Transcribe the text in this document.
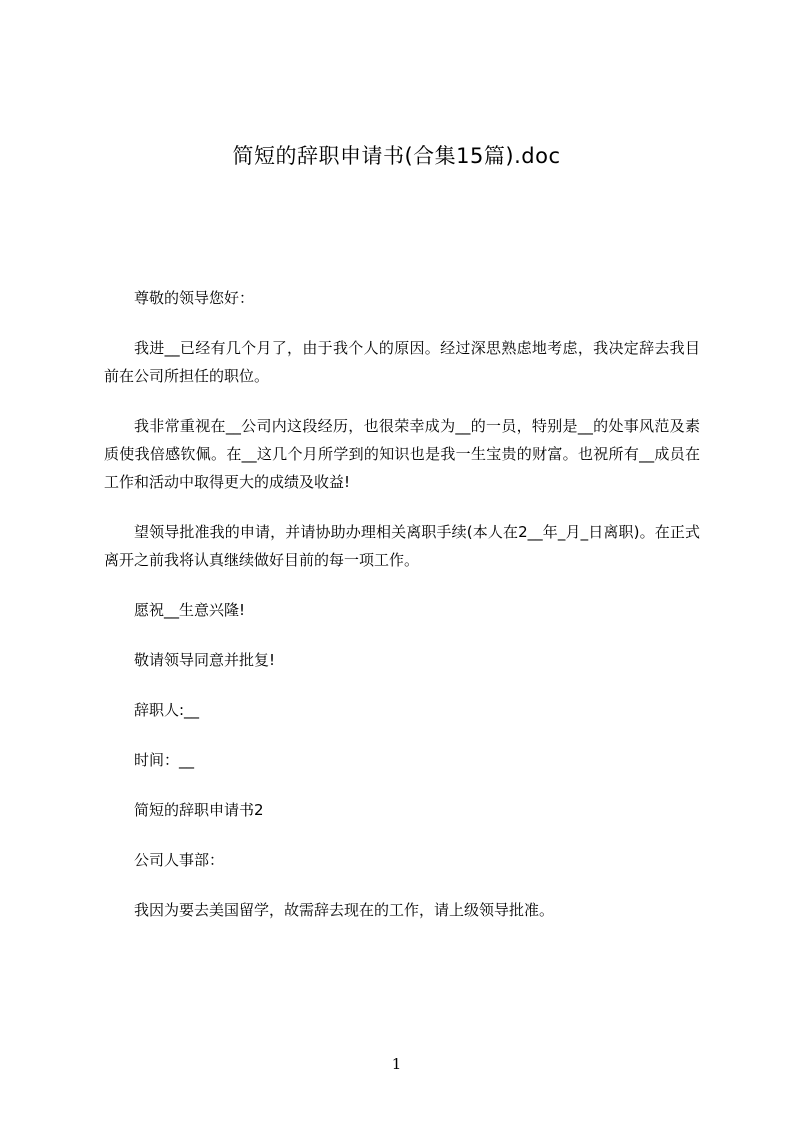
简短的辞职申请书(合集15篇).doc

尊敬的领导您好：

我进__已经有几个月了，由于我个人的原因。经过深思熟虑地考虑，我决定辞去我目前在公司所担任的职位。

我非常重视在__公司内这段经历，也很荣幸成为__的一员，特别是__的处事风范及素质使我倍感钦佩。在__这几个月所学到的知识也是我一生宝贵的财富。也祝所有__成员在工作和活动中取得更大的成绩及收益!

望领导批准我的申请，并请协助办理相关离职手续(本人在2__年_月_日离职)。在正式离开之前我将认真继续做好目前的每一项工作。

愿祝__生意兴隆!

敬请领导同意并批复!

辞职人:__

时间：__

简短的辞职申请书2

公司人事部：

我因为要去美国留学，故需辞去现在的工作，请上级领导批准。

1
